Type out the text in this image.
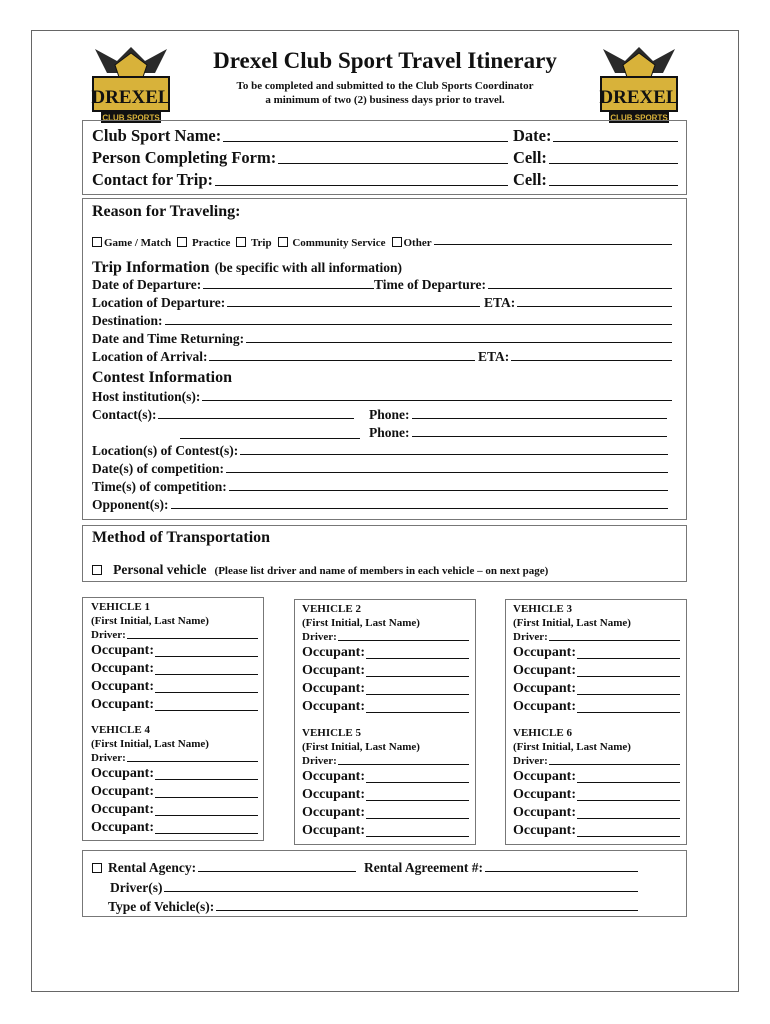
DREXEL
CLUB SPORTS
DREXEL
CLUB SPORTS
Drexel Club Sport Travel Itinerary
To be completed and submitted to the Club Sports Coordinator
a minimum of two (2) business days prior to travel.
Club Sport Name:	Date:
Person Completing Form:	Cell:
Contact for Trip:	Cell:
Reason for Traveling:
Game / Match	Practice	Trip	Community Service	Other
Trip Information (be specific with all information)
Date of Departure:	Time of Departure:
Location of Departure:	ETA:
Destination:
Date and Time Returning:
Location of Arrival:	ETA:
Contest Information
Host institution(s):
Contact(s):	Phone:
Phone:
Location(s) of Contest(s):
Date(s) of competition:
Time(s) of competition:
Opponent(s):
Method of Transportation
Personal vehicle (Please list driver and name of members in each vehicle – on next page)
VEHICLE 1
(First Initial, Last Name)
Driver:
Occupant:
Occupant:
Occupant:
Occupant:
VEHICLE 2
(First Initial, Last Name)
Driver:
Occupant:
Occupant:
Occupant:
Occupant:
VEHICLE 3
(First Initial, Last Name)
Driver:
Occupant:
Occupant:
Occupant:
Occupant:
VEHICLE 4
(First Initial, Last Name)
Driver:
Occupant:
Occupant:
Occupant:
Occupant:
VEHICLE 5
(First Initial, Last Name)
Driver:
Occupant:
Occupant:
Occupant:
Occupant:
VEHICLE 6
(First Initial, Last Name)
Driver:
Occupant:
Occupant:
Occupant:
Occupant:
Rental Agency:	Rental Agreement #:
Driver(s)
Type of Vehicle(s):
